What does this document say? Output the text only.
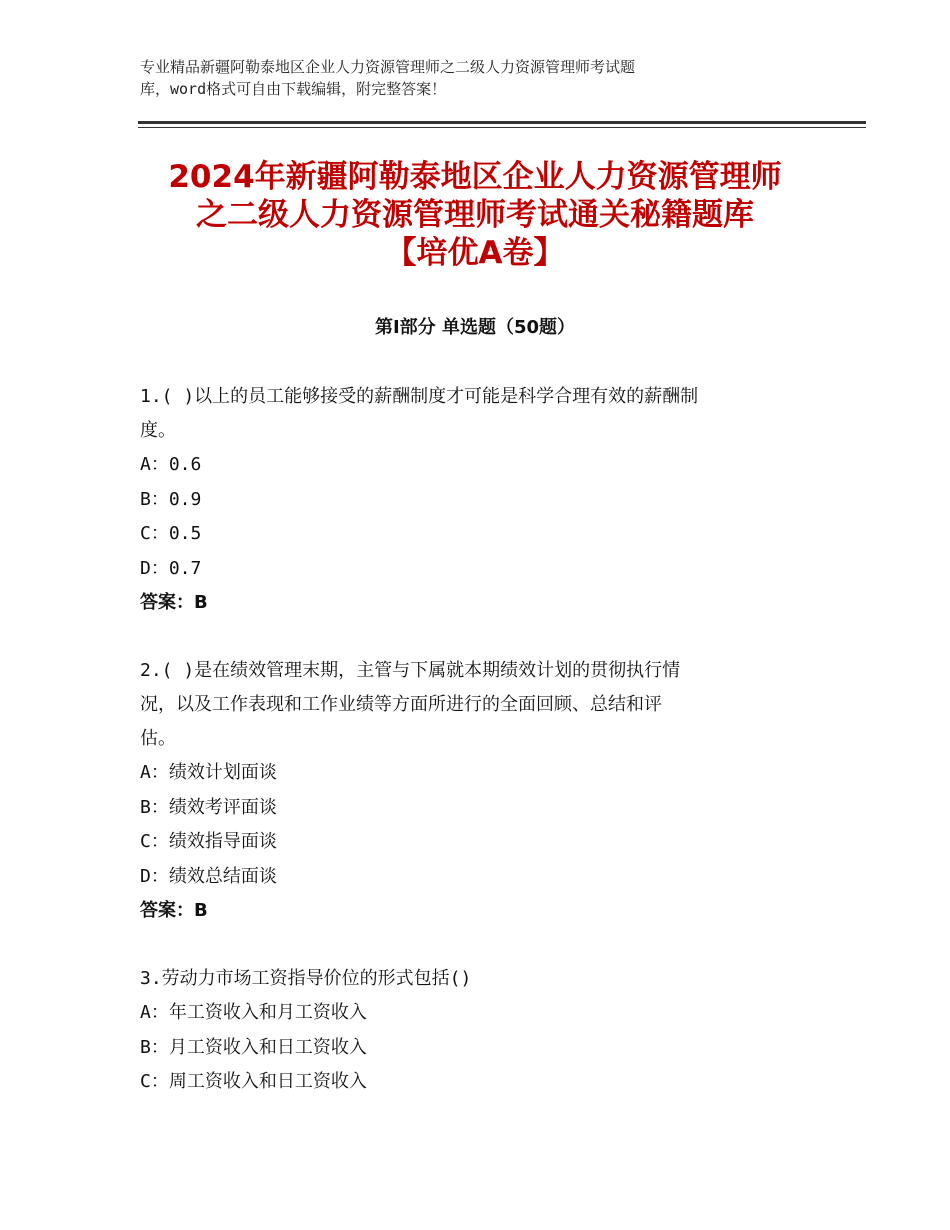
专业精品新疆阿勒泰地区企业人力资源管理师之二级人力资源管理师考试题
库，word格式可自由下载编辑，附完整答案！
2024年新疆阿勒泰地区企业人力资源管理师
之二级人力资源管理师考试通关秘籍题库
【培优A卷】
第Ⅰ部分 单选题（50题）

1.( )以上的员工能够接受的薪酬制度才可能是科学合理有效的薪酬制

度。

A：0.6

B：0.9

C：0.5

D：0.7

答案：B

2.( )是在绩效管理末期，主管与下属就本期绩效计划的贯彻执行情

况，以及工作表现和工作业绩等方面所进行的全面回顾、总结和评

估。

A：绩效计划面谈

B：绩效考评面谈

C：绩效指导面谈

D：绩效总结面谈

答案：B

3.劳动力市场工资指导价位的形式包括()

A：年工资收入和月工资收入

B：月工资收入和日工资收入

C：周工资收入和日工资收入
